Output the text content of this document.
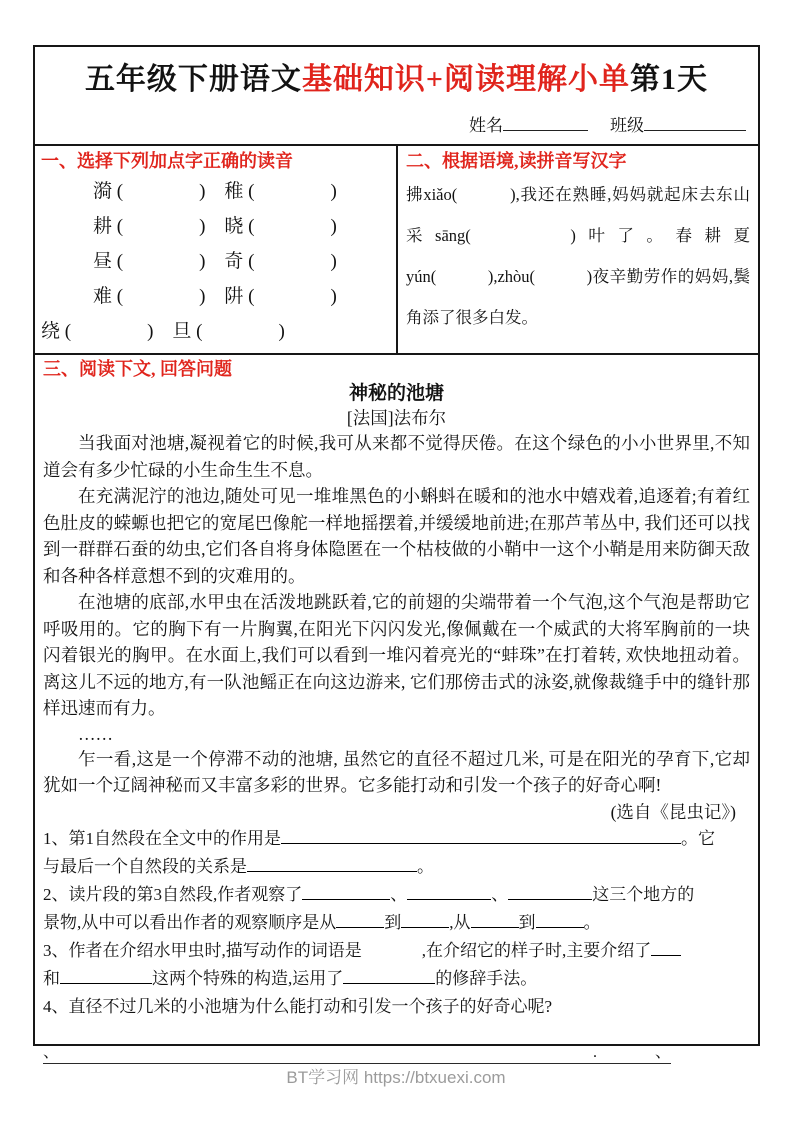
五年级下册语文基础知识+阅读理解小单第1天
姓名	班级
一、选择下列加点字正确的读音
漪 (　　　　)　稚 (　　　　)
耕 (　　　　)　晓 (　　　　)
昼 (　　　　)　奇 (　　　　)
难 (　　　　)　阱 (　　　　)
绕 (　　　　)　旦 (　　　　)
二、根据语境,读拼音写汉字
拂xiǎo(　　　),我还在熟睡,妈妈就起床去东山采sāng(　　　)叶了。春耕夏yún(　　　),zhòu(　　　)夜辛勤劳作的妈妈,鬓角添了很多白发。
三、阅读下文, 回答问题
神秘的池塘
[法国]法布尔

当我面对池塘,凝视着它的时候,我可从来都不觉得厌倦。在这个绿色的小小世界里,不知道会有多少忙碌的小生命生生不息。

在充满泥泞的池边,随处可见一堆堆黑色的小蝌蚪在暖和的池水中嬉戏着,追逐着;有着红色肚皮的蝾螈也把它的宽尾巴像舵一样地摇摆着,并缓缓地前进;在那芦苇丛中, 我们还可以找到一群群石蚕的幼虫,它们各自将身体隐匿在一个枯枝做的小鞘中一这个小鞘是用来防御天敌和各种各样意想不到的灾难用的。

在池塘的底部,水甲虫在活泼地跳跃着,它的前翅的尖端带着一个气泡,这个气泡是帮助它呼吸用的。它的胸下有一片胸翼,在阳光下闪闪发光,像佩戴在一个威武的大将军胸前的一块闪着银光的胸甲。在水面上,我们可以看到一堆闪着亮光的“蚌珠”在打着转, 欢快地扭动着。离这儿不远的地方,有一队池鳐正在向这边游来, 它们那傍击式的泳姿,就像裁缝手中的缝针那样迅速而有力。

……

乍一看,这是一个停滞不动的池塘, 虽然它的直径不超过几米, 可是在阳光的孕育下,它却犹如一个辽阔神秘而又丰富多彩的世界。它多能打动和引发一个孩子的好奇心啊!

(选自《昆虫记》)
1、第1自然段在全文中的作用是	。它
与最后一个自然段的关系是	。
2、读片段的第3自然段,作者观察了	、	、	这三个地方的
景物,从中可以看出作者的观察顺序是从	到	,从	到	。
3、作者在介绍水甲虫时,描写动作的词语是	,在介绍它的样子时,主要介绍了
和	这两个特殊的构造,运用了	的修辞手法。
4、直径不过几米的小池塘为什么能打动和引发一个孩子的好奇心呢?
、	.	、
BT学习网 https://btxuexi.com
